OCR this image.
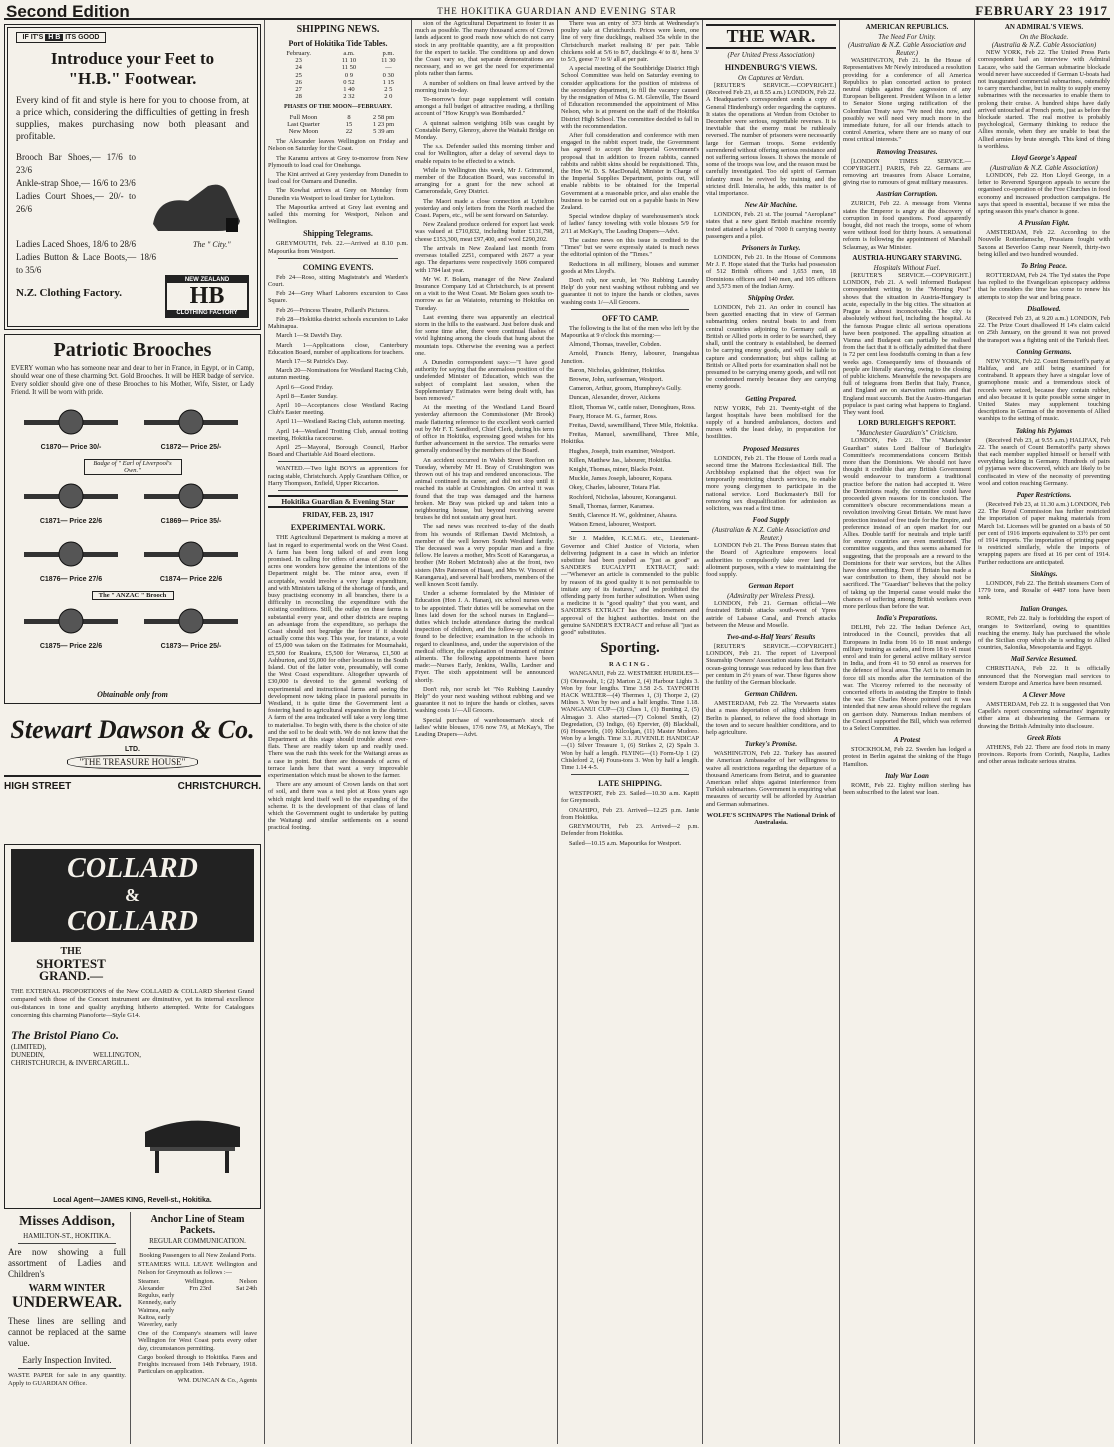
Second Edition	THE HOKITIKA GUARDIAN AND EVENING STAR	FEBRUARY 23 1917
IF IT'S H B ITS GOOD
Introduce your Feet to
"H.B." Footwear.
Every kind of fit and style is here for you to choose from, at a price which, considering the difficulties of getting in fresh supplies, makes purchasing now both pleasant and profitable.
Brooch Bar Shoes,— 17/6 to 23/6
Ankle-strap Shoe,— 16/6 to 23/6
Ladies Court Shoes,— 20/- to 26/6
The " City."
Ladies Laced Shoes, 18/6 to 28/6
Ladies Button & Lace Boots,— 18/6 to 35/6
N.Z. Clothing Factory.
NEW ZEALAND
HB
CLOTHING FACTORY
Patriotic Brooches
EVERY woman who has someone near and dear to her in France, in Egypt, or in Camp, should wear one of these charming 9ct. Gold Brooches. It will be HER badge of service. Every soldier should give one of these Brooches to his Mother, Wife, Sister, or Lady Friend. It will be worn with pride.
C1870— Price 30/-	C1872— Price 25/-
Badge of " Earl of Liverpool's Own."
C1871— Price 22/6	C1869— Price 35/-
C1876— Price 27/6	C1874— Price 22/6
The " ANZAC " Brooch
C1875— Price 22/6	C1873— Price 25/-
Obtainable only from
Stewart Dawson & Co.
LTD.
"THE TREASURE HOUSE"
HIGH STREET	CHRISTCHURCH.
COLLARD
&
COLLARD
THE
SHORTEST
GRAND.—
THE EXTERNAL PROPORTIONS of the New COLLARD & COLLARD Shortest Grand compared with those of the Concert instrument are diminutive, yet its internal excellence out-distances in tone and quality anything hitherto attempted. Write for Catalogues concerning this charming Pianoforte—Style G14.
The Bristol Piano Co.
(LIMITED),
DUNEDIN, WELLINGTON, CHRISTCHURCH, & INVERCARGILL.
Local Agent—JAMES KING, Revell-st., Hokitika.
Misses Addison,
HAMILTON-ST., HOKITIKA.
Are now showing a full assortment of Ladies and Children's
WARM WINTER
UNDERWEAR.
These lines are selling and cannot be replaced at the same value.
Early Inspection Invited.
WASTE PAPER for sale in any quantity. Apply to GUARDIAN Office.
Anchor Line of Steam Packets.
REGULAR COMMUNICATION.
Booking Passengers to all New Zealand Ports.
STEAMERS WILL LEAVE Wellington and Nelson for Greymouth as follows :—
Steamer.	Wellington.	Nelson
Alexander	Frn 23rd	Sat 24th
Regulus, early
Kennedy, early
Waimea, early
Kaitoa, early
Waverley, early
One of the Company's steamers will leave Wellington for West Coast ports every other day, circumstances permitting.
Cargo booked through to Hokitika. Fares and Freights increased from 14th February, 1918. Particulars on application.
WM. DUNCAN & Co., Agents
SHIPPING NEWS.
Port of Hokitika Tide Tables.
February.	a.m.	p.m.
23	11 10	11 30
24	11 50	—
25	0 9	0 30
26	0 52	1 15
27	1 40	2 5
28	2 32	2 0
PHASES OF THE MOON—FEBRUARY.
Full Moon	8	2 58 pm
Last Quarter	15	1 23 pm
New Moon	22	5 39 am

The Alexander leaves Wellington on Friday and Nelson on Saturday for the Coast.

The Karamu arrives at Grey to-morrow from New Plymouth to load coal for Onehunga.

The Kini arrived at Grey yesterday from Dunedin to load coal for Oamaru and Dunedin.

The Kowhai arrives at Grey on Monday from Dunedin via Westport to load timber for Lyttelton.

The Mapourika arrived at Grey last evening and sailed this morning for Westport, Nelson and Wellington.

Shipping Telegrams.

GREYMOUTH, Feb. 22.—Arrived at 8.10 p.m. Mapourika from Westport.

COMING EVENTS.

Feb 24—Roso, sitting Magistrate's and Warden's Court.

Feb 24—Grey Wharf Laborers excursion to Cass Square.

Feb 26—Princess Theatre, Pollard's Pictures.

Feb 28—Hokitika district schools excursion to Lake Mahinapua.

March 1—St David's Day.

March 1—Applications close, Canterbury Education Board, number of applications for teachers.

March 17—St Patrick's Day.

March 20—Nominations for Westland Racing Club, autumn meeting.

April 6—Good Friday.

April 8—Easter Sunday.

April 10—Acceptances close Westland Racing Club's Easter meeting.

April 11—Westland Racing Club, autumn meeting.

April 14—Westland Trotting Club, annual trotting meeting, Hokitika racecourse.

April 25—Mayoral, Borough Council, Harbor Board and Charitable Aid Board elections.

WANTED.—Two light BOYS as apprentices for racing stable, Christchurch. Apply Grantham Office, or Harry Thompson, Enfield, Upper Riccarton.

Hokitika Guardian & Evening Star
FRIDAY, FEB. 23, 1917
EXPERIMENTAL WORK.

THE Agricultural Department is making a move at last in regard to experimental work on the West Coast. A farm has been long talked of and even long promised. In calling for offers of areas of 200 to 800 acres one wonders how genuine the intentions of the Department might be. The minor area, even if acceptable, would involve a very large expenditure, and with Ministers talking of the shortage of funds, and busy practising economy in all branches, there is a difficulty in reconciling the expenditure with the existing conditions. Still, the outlay on these farms is substantial every year, and other districts are reaping an advantage from the expenditure, so perhaps the Coast should not begrudge the favor if it should actually come this way. This year, for instance, a vote of £5,000 was taken on the Estimates for Moumahaki, £5,500 for Ruakura, £5,500 for Weraroa, £1,500 at Ashburton, and £6,000 for other locations in the South Island. Out of the latter vote, presumably, will come the West Coast expenditure. Altogether upwards of £30,000 is devoted to the general working of experimental and instructional farms and seeing the development now taking place in pastoral pursuits in Westland, it is quite time the Government lent a fostering hand to agricultural expansion in the district. A farm of the area indicated will take a very long time to materialise. To begin with, there is the choice of site and the soil to be dealt with. We do not know that the Department at this stage should trouble about ever-flats. These are readily taken up and readily used. There was the rush this week for the Waitangi areas as a case in point. But there are thousands of acres of terrace lands here that want a very improvable experimentation which must be shown to the farmer.

There are any amount of Crown lands on that sort of soil, and there was a test plot at Ross years ago which might lend itself well to the expanding of the scheme. It is the development of that class of land which the Government ought to undertake by putting the Waitangi and similar settlements on a sound practical footing.

sion of the Agricultural Department to foster it as much as possible. The many thousand acres of Crown lands adjacent to good roads now which do not carry stock in any profitable quantity, are a fit proposition for the expert to tackle. The conditions up and down the Coast vary so, that separate demonstrations are necessary, and so we get the need for experimental plots rather than farms.

A number of soldiers on final leave arrived by the morning train to-day.

To-morrow's four page supplement will contain amongst a full budget of attractive reading, a thrilling account of "How Krupp's was Bombarded."

A quinnat salmon weighing 16lb was caught by Constable Berry, Glenroy, above the Waitaki Bridge on Monday.

The s.s. Defender sailed this morning timber and coal for Wellington, after a delay of several days to enable repairs to be effected to a winch.

While in Wellington this week, Mr J. Grimmond, member of the Education Board, was successful in arranging for a grant for the new school at Cameronsdale, Grey District.

The Maori made a close connection at Lyttelton yesterday and only letters from the North reached the Coast. Papers, etc., will be sent forward on Saturday.

New Zealand produce ordered for export last week was valued at £710,832, including butter £131,798, cheese £153,300, meat £97,400, and wool £290,202.

The arrivals in New Zealand last month from overseas totalled 2251, compared with 2677 a year ago. The departures were respectively 1606 compared with 1784 last year.

Mr W. F. Bolam, manager of the New Zealand Insurance Company Ltd at Christchurch, is at present on a visit to the West Coast. Mr Bolam goes south to-morrow as far as Waiatoto, returning to Hokitika on Tuesday.

Last evening there was apparently an electrical storm in the hills to the eastward. Just before dusk and for some time after, there were continual flashes of vivid lightning among the clouds that hung about the mountain tops. Otherwise the evening was a perfect one.

A Dunedin correspondent says:—"I have good authority for saying that the anomalous position of the undefended Minister of Education, which was the subject of complaint last session, when the Supplementary Estimates were being dealt with, has been removed."

At the meeting of the Westland Land Board yesterday afternoon the Commissioner (Mr Brook) made flattering reference to the excellent work carried out by Mr F. T. Sandford, Chief Clerk, during his term of office in Hokitika, expressing good wishes for his further advancement in the service. The remarks were generally endorsed by the members of the Board.

An accident occurred in Walsh Street Reefton on Tuesday, whereby Mr H. Bray of Cruishington was thrown out of his trap and rendered unconscious. The animal continued its career, and did not stop until it reached its stable at Cruishington. On arrival it was found that the trap was damaged and the harness broken. Mr Bray was picked up and taken into a neighbouring house, but beyond receiving severe bruises he did not sustain any great hurt.

The sad news was received to-day of the death from his wounds of Rifleman David McIntosh, a member of the well known South Westland family. The deceased was a very popular man and a fine fellow. He leaves a mother, Mrs Scott of Karangarua, a brother (Mr Robert McIntosh) also at the front, two sisters (Mrs Paterson of Haast, and Mrs W. Vincent of Karangarua), and several half brothers, members of the well known Scott family.

Under a scheme formulated by the Minister of Education (Hon J. A. Hanan), six school nurses were to be appointed. Their duties will be somewhat on the lines laid down for the school nurses in England—duties which include attendance during the medical inspection of children, and the follow-up of children found to be defective; examination in the schools in regard to cleanliness, and, under the supervision of the medical officer, the explanation of treatment of minor ailments. The following appointments have been made:—Nurses Early, Jenkins, Wallis, Lardner and Fryer. The sixth appointment will be announced shortly.

Don't rub, nor scrub let "No Rubbing Laundry Help" do your next washing without rubbing and we guarantee it not to injure the hands or clothes, saves washing costs 1/—All Grocers.

Special purchase of warehouseman's stock of ladies' white blouses, 17/6 now 7/9, at McKay's, The Leading Drapers—Advt.

There was an entry of 373 birds at Wednesday's poultry sale at Christchurch. Prices were keen, one line of very fine ducklings, realised 35s while in the Christchurch market realising 8/ per pair. Table chickens sold at 5/6 to 8/7, ducklings 4/ to 8/, hens 3/ to 5/3, geese 7/ to 9/ all at per pair.

A special meeting of the Southbridge District High School Committee was held on Saturday evening to consider applications for the position of mistress of the secondary department, to fill the vacancy caused by the resignation of Miss G. M. Glenville, The Board of Education recommended the appointment of Miss Nelson, who is at present on the staff of the Hokitika District High School. The committee decided to fall in with the recommendation.

After full consideration and conference with men engaged in the rabbit export trade, the Government has agreed to accept the Imperial Government's proposal that in addition to frozen rabbits, canned rabbits and rabbit skins should be requisitioned. This, the Hon W. D. S. MacDonald, Minister in Charge of the Imperial Supplies Department, points out, will enable rabbits to be obtained for the Imperial Government at a reasonable price, and also enable the business to be carried out on a payable basis in New Zealand.

Special window display of warehousemen's stock of ladies' fancy toweling with voile blouses 5/9 for 2/11 at McKay's, The Leading Drapers—Advt.

The casino news on this issue is credited to the "Times" but we were expressly stated is much news the editorial opinion of the "Times."

Reductions in all millinery, blouses and summer goods at Mrs Lloyd's.

Don't rub, nor scrub, let 'No Rubbing Laundry Help' do your next washing without rubbing and we guarantee it not to injure the hands or clothes, saves washing costs 1/—All Grocers.

OFF TO CAMP.

The following is the list of the men who left by the Mapourika at 9 o'clock this morning:—

Almond, Thomas, traveller, Cobden.

Arnold, Francis Henry, labourer, Inangahua Junction.

Baron, Nicholas, goldminer, Hokitika.

Browne, John, surfeseman, Westport.

Cameron, Arthur, groom, Humphrey's Gully.

Duncan, Alexander, drover, Aickens

Eliott, Thomas W., cattle raiser, Donoghues, Ross.

Feary, Horace M. G., farmer, Ross.

Freitas, David, sawmillhand, Three Mile, Hokitika.

Freitas, Manuel, sawmillhand, Three Mile, Hokitika.

Hughes, Joseph, train examiner, Westport.

Killen, Matthew Jas., labourer, Hokitika.

Knight, Thomas, miner, Blacks Point.

Muckle, James Joseph, labourer, Kopara.

Okey, Charles, labourer, Totara Flat.

Rochford, Nicholas, labourer, Koranganui.

Small, Thomas, farmer, Karamea.

Smith, Clarence H. W., goldminer, Ahaura.

Watson Ernest, labourer, Westport.

Sir J. Madden, K.C.M.G. etc., Lieutenant-Governor and Chief Justice of Victoria, when delivering judgment in a case in which an inferior substitute had been pushed as "just as good" as SANDER'S EUCALYPTI EXTRACT, said:—"Whenever an article is commended to the public by reason of its good quality it is not permissible to imitate any of its features," and he prohibited the offending party from further substitution. When using a medicine it is "good quality" that you want, and SANDER'S EXTRACT has the endorsement and approval of the highest authorities. Insist on the genuine SANDER'S EXTRACT and refuse all "just as good" substitutes.

Sporting.
RACING.

WANGANUI, Feb 22. WESTMERE HURDLES—(3) Oterawahi, 1; (2) Marton 2, (4) Harbour Lights 3. Won by four lengths. Time 3.58 2-5. TAYFORTH HACK WELTER—(4) Thermes 1, (3) Thorpe 2, (2) Milnes 3. Won by two and a half lengths. Time 1.18. WANGANUI CUP—(3) Clues 1, (1) Bunting 2, (5) Almagao 3. Also started—(7) Colonel Smith, (2) Degredation, (3) Indigo, (6) Epervier, (8) Blackball, (6) Housewife, (10) Kilcolgan, (11) Master Mudoro. Won by a length. Time 3.1. JUVENILE HANDICAP—(1) Silver Treasure 1, (6) Strikes 2, (2) Spaln 3. Won by half a length. FLYING—(1) Form-Up 1 (2) Chisleford 2, (4) Foura-tora 3. Won by half a length. Time 1.14 4-5.

LATE SHIPPING.

WESTPORT, Feb 23. Sailed—10.30 a.m. Kapiti for Greymouth.

ONAHIPO, Feb 23. Arrived—12.25 p.m. Janie from Hokitika.

GREYMOUTH, Feb 23. Arrived—2 p.m. Defender from Hokitika.

Sailed—10.15 a.m. Mapourika for Westport.

THE WAR.
(Per United Press Association)
HINDENBURG'S VIEWS.
On Captures at Verdun.

[REUTER'S SERVICE.—COPYRIGHT.] (Received Feb 23, at 8.55 a.m.) LONDON, Feb 22. A Headquarter's correspondent sends a copy of General Hindenburg's order regarding the captures. It states the operations at Verdun from October to December were serious, regrettable reverses. It is inevitable that the enemy must be ruthlessly reversed. The number of prisoners were necessarily large for German troops. Some evidently surrendered without offering serious resistance and not suffering serious losses. It shows the morale of some of the troops was low, and the reason must be carefully investigated. Too old spirit of German infantry must be revived by training and the strictest drill. Interalia, he adds, this matter is of vital importance.

New Air Machine.

LONDON, Feb. 21 st. The journal "Aeroplane" states that a new giant British machine recently tested attained a height of 7000 ft carrying twenty passengers and a pilot.

Prisoners in Turkey.

LONDON, Feb 21. In the House of Commons Mr J. F. Hope stated that the Turks had possession of 512 British officers and 1,653 men, 18 Dominions officers and 140 men, and 105 officers and 3,573 men of the Indian Army.

Shipping Order.

LONDON, Feb 21. An order in council has been gazetted enacting that in view of German submarining orders neutral boats to and from central countries adjoining to Germany call at British or Allied ports in order to be searched, they shall, until the contrary is established, be deemed to be carrying enemy goods, and will be liable to capture and condemnation; but ships calling at British or Allied ports for examination shall not be presumed to be carrying enemy goods, and will not be condemned merely because they are carrying enemy goods.

Getting Prepared.

NEW YORK, Feb 21. Twenty-eight of the largest hospitals have been mobilised for the supply of a hundred ambulances, doctors and nurses with the least delay, in preparation for hostilities.

Proposed Measures

LONDON, Feb 21. The House of Lords read a second time the Matrons Ecclesiastical Bill. The Archbishop explained that the object was for temporarily restricting church services, to enable more young clergymen to participate in the national service. Lord Buckmaster's Bill for removing sex disqualification for admission as solicitors, was read a first time.

Food Supply
(Australian & N.Z. Cable Association and Reuter.)

LONDON Feb 21. The Press Bureau states that the Board of Agriculture empowers local authorities to compulsorily take over land for allotment purposes, with a view to maintaining the food supply.

German Report
(Admiralty per Wireless Press).

LONDON, Feb 21. German official—We frustrated British attacks south-west of Ypres astride of Labasse Canal, and French attacks between the Meuse and Moselle.

Two-and-a-Half Years' Results

[REUTER'S SERVICE.—COPYRIGHT.] LONDON, Feb 21. The report of Liverpool Steamship Owners' Association states that Britain's ocean-going tonnage was reduced by less than five per centum in 2½ years of war. These figures show the futility of the German blockade.

German Children.

AMSTERDAM, Feb 22. The Vorwaerts states that a mass deportation of ailing children from Berlin is planned, to relieve the food shortage in the town and to secure healthier conditions, and to help agriculture.

Turkey's Promise.

WASHINGTON, Feb 22. Turkey has assured the American Ambassador of her willingness to waive all restrictions regarding the departure of a thousand Americans from Beirut, and to guarantee American relief ships against interference from Turkish submarines. Government is enquiring what measures of security will be afforded by Austrian and German submarines.

WOLFE'S SCHNAPPS The National Drink of Australasia.
AMERICAN REPUBLICS.
The Need For Unity.
(Australian & N.Z. Cable Association and Reuter.)

WASHINGTON, Feb 21. In the House of Representatives Mr Newly introduced a resolution providing for a conference of all America Republics to plan concerted action to protect neutral rights against the aggression of any European belligerent. President Wilson in a letter to Senator Stone urging ratification of the Colombian Treaty says "We need this now, and possibly we will need very much more in the immediate future, for all our friends attach to control America, where there are so many of our most critical interests."

Removing Treasures.

[LONDON TIMES SERVICE.—COPYRIGHT.] PARIS, Feb 22. Germans are removing art treasures from Alsace Lorraine, giving rise to rumours of great military measures.

Austrian Corruption.

ZURICH, Feb 22. A message from Vienna states the Emperor is angry at the discovery of corruption in food questions. Food apparently bought, did not reach the troops, some of whom were without food for thirty hours. A sensational reform is following the appointment of Marshall Sclaumay, as War Minister.

AUSTRIA-HUNGARY STARVING.
Hospitals Without Fuel.

[REUTER'S SERVICE.—COPYRIGHT.] LONDON, Feb 21. A well informed Budapest correspondent writing to the "Morning Post" shows that the situation in Austria-Hungary is acute, especially in the big cities. The situation at Prague is almost inconceivable. The city is absolutely without fuel, including the hospital. At the famous Prague clinic all serious operations have been postponed. The appalling situation at Vienna and Budapest can partially be realised from the fact that it is officially admitted that there is 72 per cent less foodstuffs coming in than a few weeks ago. Consequently tens of thousands of people are literally starving, owing to the closing of public kitchens. Meanwhile the newspapers are full of telegrams from Berlin that Italy, France, and England are on starvation rations and that England must succumb. But the Austro-Hungarian populace is past caring what happens to England. They want food.

LORD BURLEIGH'S REPORT.
"Manchester Guardian's" Criticism.

LONDON, Feb 21. The "Manchester Guardian" states Lord Balfour of Burleigh's Committee's recommendations concern British more than the Dominions. We should not have thought it credible that any British Government would endeavour to transform a traditional practice before the nation had accepted it. Were the Dominions ready, the committee could have proceeded given reasons for its conclusion. The committee's obscure recommendations mean a revolution involving Great Britain. We must have protection instead of free trade for the Empire, and preference instead of an open market for our Allies. Double tariff for neutrals and triple tariff for enemy countries are even mentioned. The committee suggests, and thus seems ashamed for suggesting, that the proposals are a reward to the Dominions for their war services, but the Allies have done something. Even if Britain has made a war contribution to them, they should not be sacrificed. The "Guardian" believes that the policy of taking up the Imperial cause would make the chances of suffering among British workers even more perilous than before the war.

India's Preparations.

DELHI, Feb 22. The Indian Defence Act, introduced in the Council, provides that all Europeans in India from 16 to 18 must undergo military training as cadets, and from 18 to 41 must enrol and train for general active military service in India, and from 41 to 50 enrol as reserves for the defence of local areas. The Act is to remain in force till six months after the termination of the war. The Viceroy referred to the necessity of concerted efforts in assisting the Empire to finish the war. Sir Charles Moore pointed out it was intended that new areas should relieve the regulars on garrison duty. Numerous Indian members of the Council supported the Bill, which was referred to a Select Committee.

A Protest

STOCKHOLM, Feb 22. Sweden has lodged a protest in Berlin against the sinking of the Hugo Hamilton.

Italy War Loan

ROME, Feb 22. Eighty million sterling has been subscribed to the latest war loan.

AN ADMIRAL'S VIEWS.
On the Blockade.
(Australia & N.Z. Cable Association)

NEW YORK, Feb 22. The United Press Paris correspondent had an interview with Admiral Lacaze, who said the German submarine blockade would never have succeeded if German U-boats had not inaugurated commercial submarines, ostensibly to carry merchandise, but in reality to supply enemy submarines with the necessaries to enable them to prolong their cruise. A hundred ships have daily arrived untouched at French ports, just as before the blockade started. The real motive is probably psychological, Germany thinking to reduce the Allies morale, when they are unable to beat the Allied armies by brute strength. This kind of thing is worthless.

Lloyd George's Appeal
(Australian & N.Z. Cable Association)

LONDON, Feb 22. Hon Lloyd George, in a letter to Reverend Spurgeon appeals to secure the organised co-operation of the Free Churches in food economy and increased production campaigns. He says that speed is essential, because if we miss the spring season this year's chance is gone.

A Prussian Fight.

AMSTERDAM, Feb 22. According to the Nouvelle Rotterdamsche, Prussians fought with Saxons at Beverloo Camp near Neerelt, thirty-two being killed and two hundred wounded.

To Bring Peace.

ROTTERDAM, Feb 24. The Tyd states the Pope has replied to the Evangelican episcopacy address that he considers the time has come to renew his attempts to stop the war and bring peace.

Disallowed.

(Received Feb 23, at 9.20 a.m.) LONDON, Feb 22. The Prize Court disallowed H 14's claim calcid on 25th January, on the ground it was not proved the transport was a fighting unit of the Turkish fleet.

Conning Germans.

NEW YORK, Feb 22. Count Bernstorff's party at Halifax, and are still being examined for contraband. It appears they have a singular love of gramophone music and a tremendous stock of records were seized, because they contain rubber, and also because it is quite possible some singer in United States may supplement touching descriptions in German of the movements of Allied warships to the setting of music.

Taking his Pyjamas

(Received Feb 23, at 9.55 a.m.) HALIFAX, Feb 22. The search of Count Bernstorff's party shows that each member supplied himself or herself with everything lacking in Germany. Hundreds of pairs of pyjamas were discovered, which are likely to be confiscated in view of the necessity of preventing wool and cotton reaching Germany.

Paper Restrictions.

(Received Feb 23, at 11.30 a.m.) LONDON, Feb 22. The Royal Commission has further restricted the importation of paper making materials from March 1st. Licenses will be granted on a basis of 50 per cent of 1916 imports equivalent to 33½ per cent of 1914 imports. The importation of printing paper is restricted similarly, while the imports of wrapping papers are fixed at 16 per cent of 1914. Further reductions are anticipated.

Sinkings.

LONDON, Feb 22. The British steamers Corn of 1779 tons, and Rosalie of 4487 tons have been sunk.

Italian Oranges.

ROME, Feb 22. Italy is forbidding the export of oranges to Switzerland, owing to quantities reaching the enemy. Italy has purchased the whole of the Sicilian crop which she is sending to Allied countries, Salonika, Mesopotamia and Egypt.

Mail Service Resumed.

CHRISTIANA, Feb 22. It is officially announced that the Norwegian mail services to western Europe and America have been resumed.

A Clever Move

AMSTERDAM, Feb 22. It is suggested that Von Capelle's report concerning submarines' ingenuity either aims at disheartening the Germans or drawing the British Admiralty into disclosure.

Greek Riots

ATHENS, Feb 22. There are food riots in many provinces. Reports from Corinth, Nauplia, Ladies and other areas indicate serious strains.
